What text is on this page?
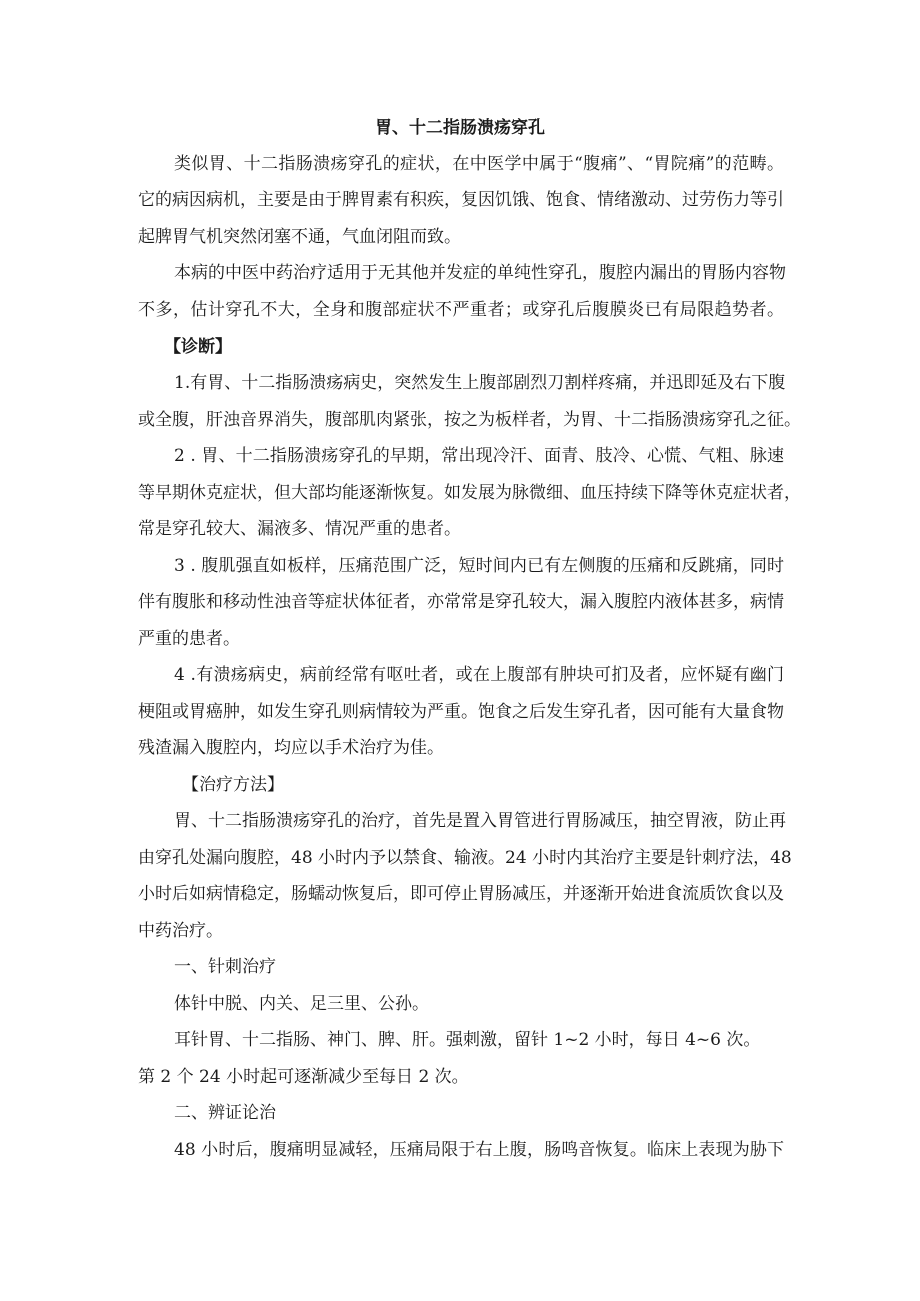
胃、十二指肠溃疡穿孔
类似胃、十二指肠溃疡穿孔的症状，在中医学中属于“腹痛”、“胃院痛”的范畴。
它的病因病机，主要是由于脾胃素有积疾，复因饥饿、饱食、情绪激动、过劳伤力等引
起脾胃气机突然闭塞不通，气血闭阻而致。
本病的中医中药治疗适用于无其他并发症的单纯性穿孔，腹腔内漏出的胃肠内容物
不多，估计穿孔不大，全身和腹部症状不严重者；或穿孔后腹膜炎已有局限趋势者。
【诊断】
1.有胃、十二指肠溃疡病史，突然发生上腹部剧烈刀割样疼痛，并迅即延及右下腹
或全腹，肝浊音界消失，腹部肌肉紧张，按之为板样者，为胃、十二指肠溃疡穿孔之征。
2 . 胃、十二指肠溃疡穿孔的早期，常出现冷汗、面青、肢冷、心慌、气粗、脉速
等早期休克症状，但大部均能逐渐恢复。如发展为脉微细、血压持续下降等休克症状者，
常是穿孔较大、漏液多、情况严重的患者。
3 . 腹肌强直如板样，压痛范围广泛，短时间内已有左侧腹的压痛和反跳痛，同时
伴有腹胀和移动性浊音等症状体征者，亦常常是穿孔较大，漏入腹腔内液体甚多，病情
严重的患者。
4 .有溃疡病史，病前经常有呕吐者，或在上腹部有肿块可扪及者，应怀疑有幽门
梗阻或胃癌肿，如发生穿孔则病情较为严重。饱食之后发生穿孔者，因可能有大量食物
残渣漏入腹腔内，均应以手术治疗为佳。
【治疗方法】
胃、十二指肠溃疡穿孔的治疗，首先是置入胃管进行胃肠减压，抽空胃液，防止再
由穿孔处漏向腹腔，48 小时内予以禁食、输液。24 小时内其治疗主要是针刺疗法，48
小时后如病情稳定，肠蠕动恢复后，即可停止胃肠减压，并逐渐开始进食流质饮食以及
中药治疗。
一、针刺治疗
体针中脱、内关、足三里、公孙。
耳针胃、十二指肠、神门、脾、肝。强刺激，留针 1~2 小时，每日 4~6 次。
第 2 个 24 小时起可逐渐减少至每日 2 次。
二、辨证论治
48 小时后，腹痛明显减轻，压痛局限于右上腹，肠鸣音恢复。临床上表现为胁下
